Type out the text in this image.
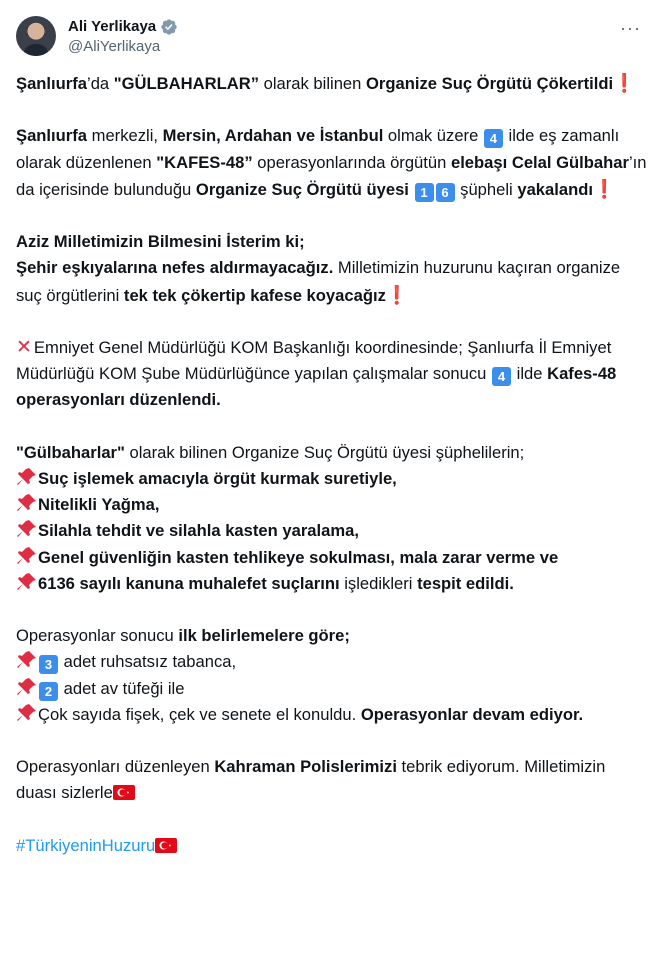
Ali Yerlikaya
@AliYerlikaya
···

Şanlıurfa’da "GÜLBAHARLAR” olarak bilinen Organize Suç Örgütü Çökertildi❗

Şanlıurfa merkezli, Mersin, Ardahan ve İstanbul olmak üzere 4 ilde eş zamanlı olarak düzenlenen "KAFES-48” operasyonlarında örgütün elebaşı Celal Gülbahar’ın da içerisinde bulunduğu Organize Suç Örgütü üyesi 1 6 şüpheli yakalandı❗

Aziz Milletimizin Bilmesini İsterim ki;
Şehir eşkıyalarına nefes aldırmayacağız. Milletimizin huzurunu kaçıran organize suç örgütlerini tek tek çökertip kafese koyacağız❗

✕ Emniyet Genel Müdürlüğü KOM Başkanlığı koordinesinde; Şanlıurfa İl Emniyet Müdürlüğü KOM Şube Müdürlüğünce yapılan çalışmalar sonucu 4 ilde Kafes-48 operasyonları düzenlendi.

"Gülbaharlar" olarak bilinen Organize Suç Örgütü üyesi şüphelilerin;
Suç işlemek amacıyla örgüt kurmak suretiyle,
Nitelikli Yağma,
Silahla tehdit ve silahla kasten yaralama,
Genel güvenliğin kasten tehlikeye sokulması, mala zarar verme ve
6136 sayılı kanuna muhalefet suçlarını işledikleri tespit edildi.

Operasyonlar sonucu ilk belirlemelere göre;
3 adet ruhsatsız tabanca,
2 adet av tüfeği ile
Çok sayıda fişek, çek ve senete el konuldu. Operasyonlar devam ediyor.

Operasyonları düzenleyen Kahraman Polislerimizi tebrik ediyorum. Milletimizin duası sizlerle

#TürkiyeninHuzuru
